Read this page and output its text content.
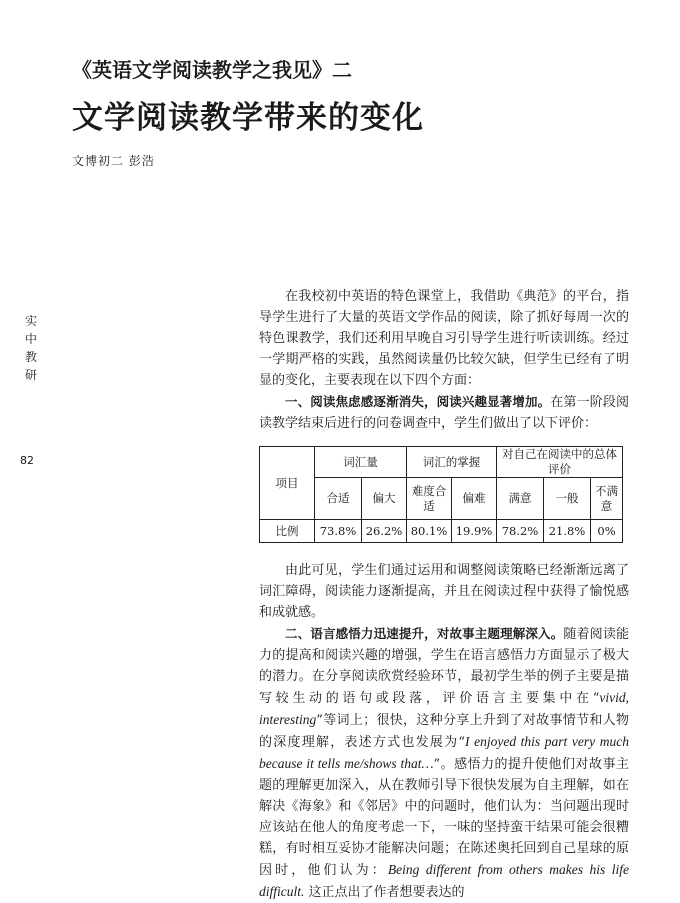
《英语文学阅读教学之我见》二
文学阅读教学带来的变化
文博初二 彭浩
实
中
教
研
82

在我校初中英语的特色课堂上，我借助《典范》的平台，指导学生进行了大量的英语文学作品的阅读，除了抓好每周一次的特色课教学，我们还利用早晚自习引导学生进行听读训练。经过一学期严格的实践，虽然阅读量仍比较欠缺，但学生已经有了明显的变化，主要表现在以下四个方面：

一、阅读焦虑感逐渐消失，阅读兴趣显著增加。在第一阶段阅读教学结束后进行的问卷调查中，学生们做出了以下评价：

项目	词汇量		词汇的掌握		对自己在阅读中的总体评价		
	合适	偏大	难度合适	偏难	满意	一般	不满意
比例	73.8%	26.2%	80.1%	19.9%	78.2%	21.8%	0%

由此可见，学生们通过运用和调整阅读策略已经渐渐远离了词汇障碍，阅读能力逐渐提高，并且在阅读过程中获得了愉悦感和成就感。

二、语言感悟力迅速提升，对故事主题理解深入。随着阅读能力的提高和阅读兴趣的增强，学生在语言感悟力方面显示了极大的潜力。在分享阅读欣赏经验环节，最初学生举的例子主要是描写较生动的语句或段落，评价语言主要集中在“vivid, interesting”等词上；很快，这种分享上升到了对故事情节和人物的深度理解，表述方式也发展为“I enjoyed this part very much because it tells me/shows that…”。感悟力的提升使他们对故事主题的理解更加深入，从在教师引导下很快发展为自主理解，如在解决《海象》和《邻居》中的问题时，他们认为：当问题出现时应该站在他人的角度考虑一下，一味的坚持蛮干结果可能会很糟糕，有时相互妥协才能解决问题；在陈述奥托回到自己星球的原因时，他们认为：Being different from others makes his life difficult. 这正点出了作者想要表达的
